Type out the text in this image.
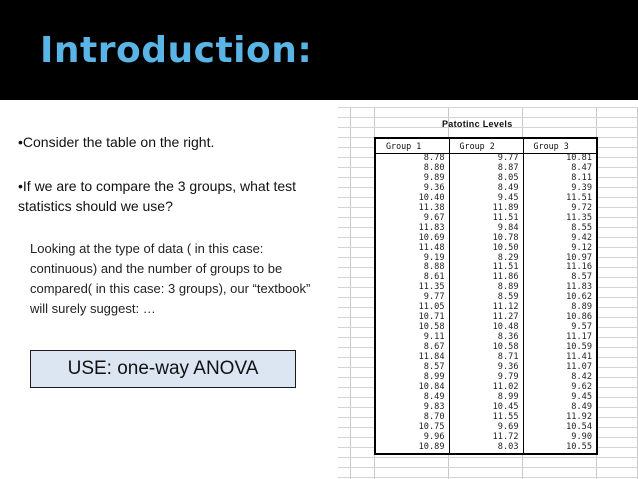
Introduction:
•Consider the table on the right.
•If we are to compare the 3 groups, what test statistics should we use?
Looking at the type of data ( in this case: continuous) and the number of groups to be compared( in this case: 3 groups), our “textbook” will surely suggest: …
USE: one-way ANOVA
Patotinc Levels
Group 1	Group 2	Group 3
8.78	9.77	10.81
8.80	8.87	8.47
9.89	8.05	8.11
9.36	8.49	9.39
10.40	9.45	11.51
11.38	11.89	9.72
9.67	11.51	11.35
11.83	9.84	8.55
10.69	10.78	9.42
11.48	10.50	9.12
9.19	8.29	10.97
8.88	11.51	11.16
8.61	11.86	8.57
11.35	8.89	11.83
9.77	8.59	10.62
11.05	11.12	8.89
10.71	11.27	10.86
10.58	10.48	9.57
9.11	8.36	11.17
8.67	10.58	10.59
11.84	8.71	11.41
8.57	9.36	11.07
8.99	9.79	8.42
10.84	11.02	9.62
8.49	8.99	9.45
9.83	10.45	8.49
8.70	11.55	11.92
10.75	9.69	10.54
9.96	11.72	9.90
10.89	8.03	10.55
